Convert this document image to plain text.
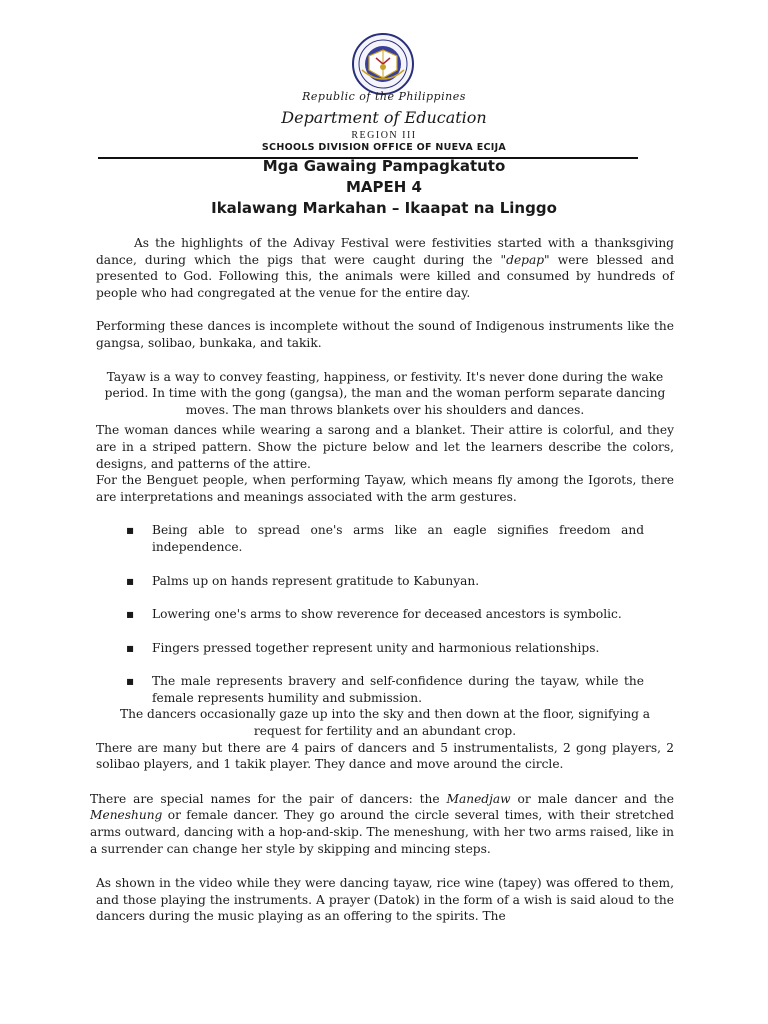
Republic of the Philippines
Department of Education
REGION III
SCHOOLS DIVISION OFFICE OF NUEVA ECIJA
Mga Gawaing Pampagkatuto
MAPEH 4
Ikalawang Markahan – Ikaapat na Linggo

As the highlights of the Adivay Festival were festivities started with a thanksgiving dance, during which the pigs that were caught during the "depap" were blessed and presented to God. Following this, the animals were killed and consumed by hundreds of people who had congregated at the venue for the entire day.

Performing these dances is incomplete without the sound of Indigenous instruments like the gangsa, solibao, bunkaka, and takik.

Tayaw is a way to convey feasting, happiness, or festivity. It's never done during the wake period. In time with the gong (gangsa), the man and the woman perform separate dancing moves. The man throws blankets over his shoulders and dances.

The woman dances while wearing a sarong and a blanket. Their attire is colorful, and they are in a striped pattern. Show the picture below and let the learners describe the colors, designs, and patterns of the attire.

For the Benguet people, when performing Tayaw, which means fly among the Igorots, there are interpretations and meanings associated with the arm gestures.

▪ Being able to spread one's arms like an eagle signifies freedom and independence.
▪ Palms up on hands represent gratitude to Kabunyan.
▪ Lowering one's arms to show reverence for deceased ancestors is symbolic.
▪ Fingers pressed together represent unity and harmonious relationships.
▪ The male represents bravery and self-confidence during the tayaw, while the female represents humility and submission.

The dancers occasionally gaze up into the sky and then down at the floor, signifying a request for fertility and an abundant crop.

There are many but there are 4 pairs of dancers and 5 instrumentalists, 2 gong players, 2 solibao players, and 1 takik player. They dance and move around the circle.

There are special names for the pair of dancers: the Manedjaw or male dancer and the Meneshung or female dancer. They go around the circle several times, with their stretched arms outward, dancing with a hop-and-skip. The meneshung, with her two arms raised, like in a surrender can change her style by skipping and mincing steps.

As shown in the video while they were dancing tayaw, rice wine (tapey) was offered to them, and those playing the instruments. A prayer (Datok) in the form of a wish is said aloud to the dancers during the music playing as an offering to the spirits. The
